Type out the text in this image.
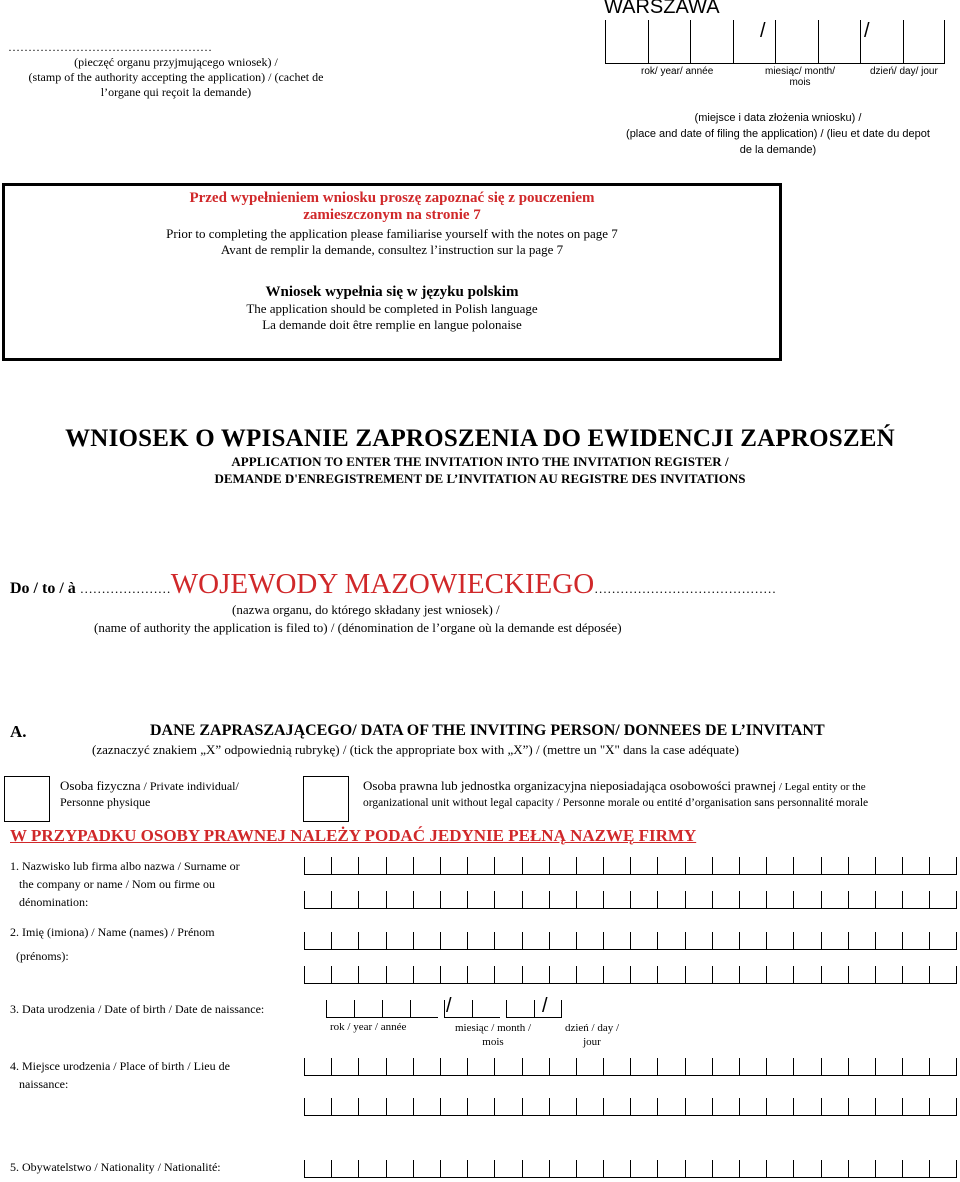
……………………………………………
(pieczęć organu przyjmującego wniosek) /
(stamp of the authority accepting the application) / (cachet de
l’organe qui reçoit la demande)
WARSZAWA
/	/
rok/ year/ année	miesiąc/ month/
mois
dzień/ day/ jour
(miejsce i data złożenia wniosku) /
(place and date of filing the application) / (lieu et date du depot
de la demande)
Przed wypełnieniem wniosku proszę zapoznać się z pouczeniem
zamieszczonym na stronie 7
Prior to completing the application please familiarise yourself with the notes on page 7
Avant de remplir la demande, consultez l’instruction sur la page 7
Wniosek wypełnia się w języku polskim
The application should be completed in Polish language
La demande doit être remplie en langue polonaise
WNIOSEK O WPISANIE ZAPROSZENIA DO EWIDENCJI ZAPROSZEŃ
APPLICATION TO ENTER THE INVITATION INTO THE INVITATION REGISTER /
DEMANDE D'ENREGISTREMENT DE L’INVITATION AU REGISTRE DES INVITATIONS
Do / to / à …………………WOJEWODY MAZOWIECKIEGO……………………………………
(nazwa organu, do którego składany jest wniosek) /
(name of authority the application is filed to) / (dénomination de l’organe où la demande est déposée)
A.	DANE ZAPRASZAJĄCEGO/ DATA OF THE INVITING PERSON/ DONNEES DE L’INVITANT
(zaznaczyć znakiem „X” odpowiednią rubrykę) / (tick the appropriate box with „X”) / (mettre un "X" dans la case adéquate)
Osoba fizyczna / Private individual/
Personne physique
Osoba prawna lub jednostka organizacyjna nieposiadająca osobowości prawnej / Legal entity or the
organizational unit without legal capacity / Personne morale ou entité d’organisation sans personnalité morale
W PRZYPADKU OSOBY PRAWNEJ NALEŻY PODAĆ JEDYNIE PEŁNĄ NAZWĘ FIRMY
1. Nazwisko lub firma albo nazwa / Surname or
the company or name / Nom ou firme ou
dénomination:
2. Imię (imiona) / Name (names) / Prénom
(prénoms):
3. Data urodzenia / Date of birth / Date de naissance:	/	/
rok / year / année	miesiąc / month /
mois
dzień / day /
jour
4. Miejsce urodzenia / Place of birth / Lieu de
naissance:
5. Obywatelstwo / Nationality / Nationalité:
